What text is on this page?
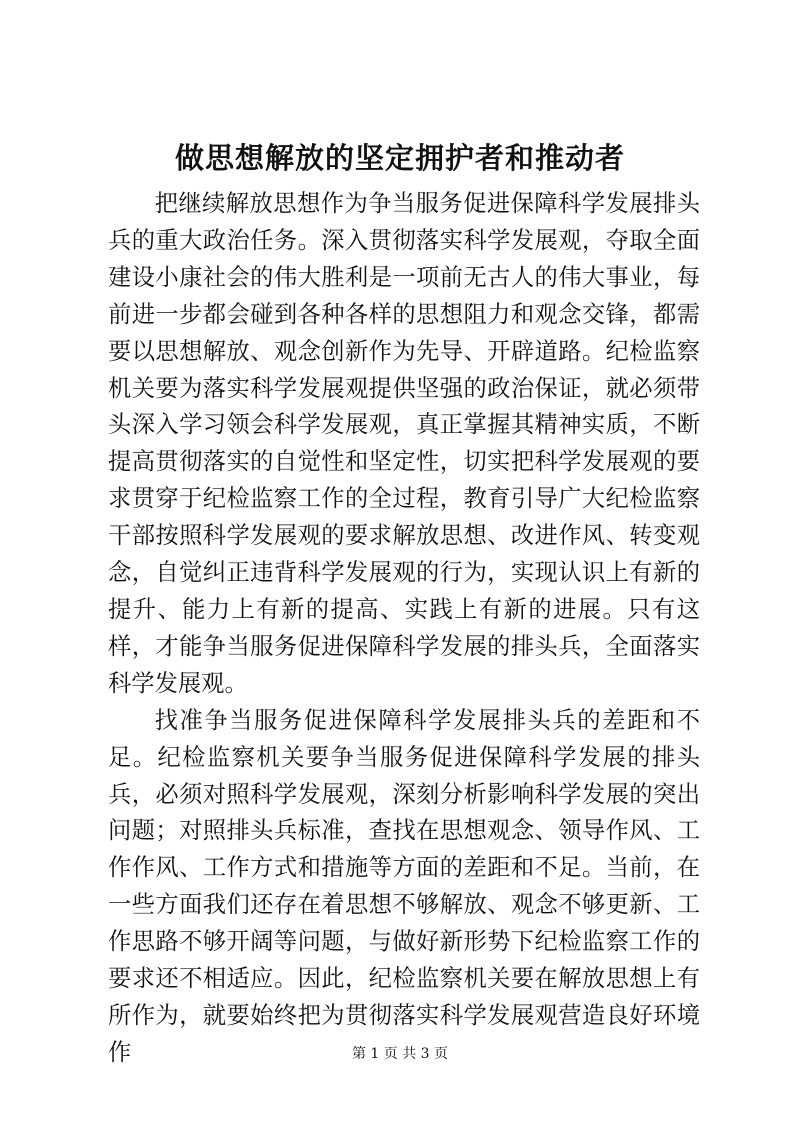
做思想解放的坚定拥护者和推动者

把继续解放思想作为争当服务促进保障科学发展排头兵的重大政治任务。深入贯彻落实科学发展观，夺取全面建设小康社会的伟大胜利是一项前无古人的伟大事业，每前进一步都会碰到各种各样的思想阻力和观念交锋，都需要以思想解放、观念创新作为先导、开辟道路。纪检监察机关要为落实科学发展观提供坚强的政治保证，就必须带头深入学习领会科学发展观，真正掌握其精神实质，不断提高贯彻落实的自觉性和坚定性，切实把科学发展观的要求贯穿于纪检监察工作的全过程，教育引导广大纪检监察干部按照科学发展观的要求解放思想、改进作风、转变观念，自觉纠正违背科学发展观的行为，实现认识上有新的提升、能力上有新的提高、实践上有新的进展。只有这样，才能争当服务促进保障科学发展的排头兵，全面落实科学发展观。

找准争当服务促进保障科学发展排头兵的差距和不足。纪检监察机关要争当服务促进保障科学发展的排头兵，必须对照科学发展观，深刻分析影响科学发展的突出问题；对照排头兵标准，查找在思想观念、领导作风、工作作风、工作方式和措施等方面的差距和不足。当前，在一些方面我们还存在着思想不够解放、观念不够更新、工作思路不够开阔等问题，与做好新形势下纪检监察工作的要求还不相适应。因此，纪检监察机关要在解放思想上有所作为，就要始终把为贯彻落实科学发展观营造良好环境作	第 1 页 共 3 页
